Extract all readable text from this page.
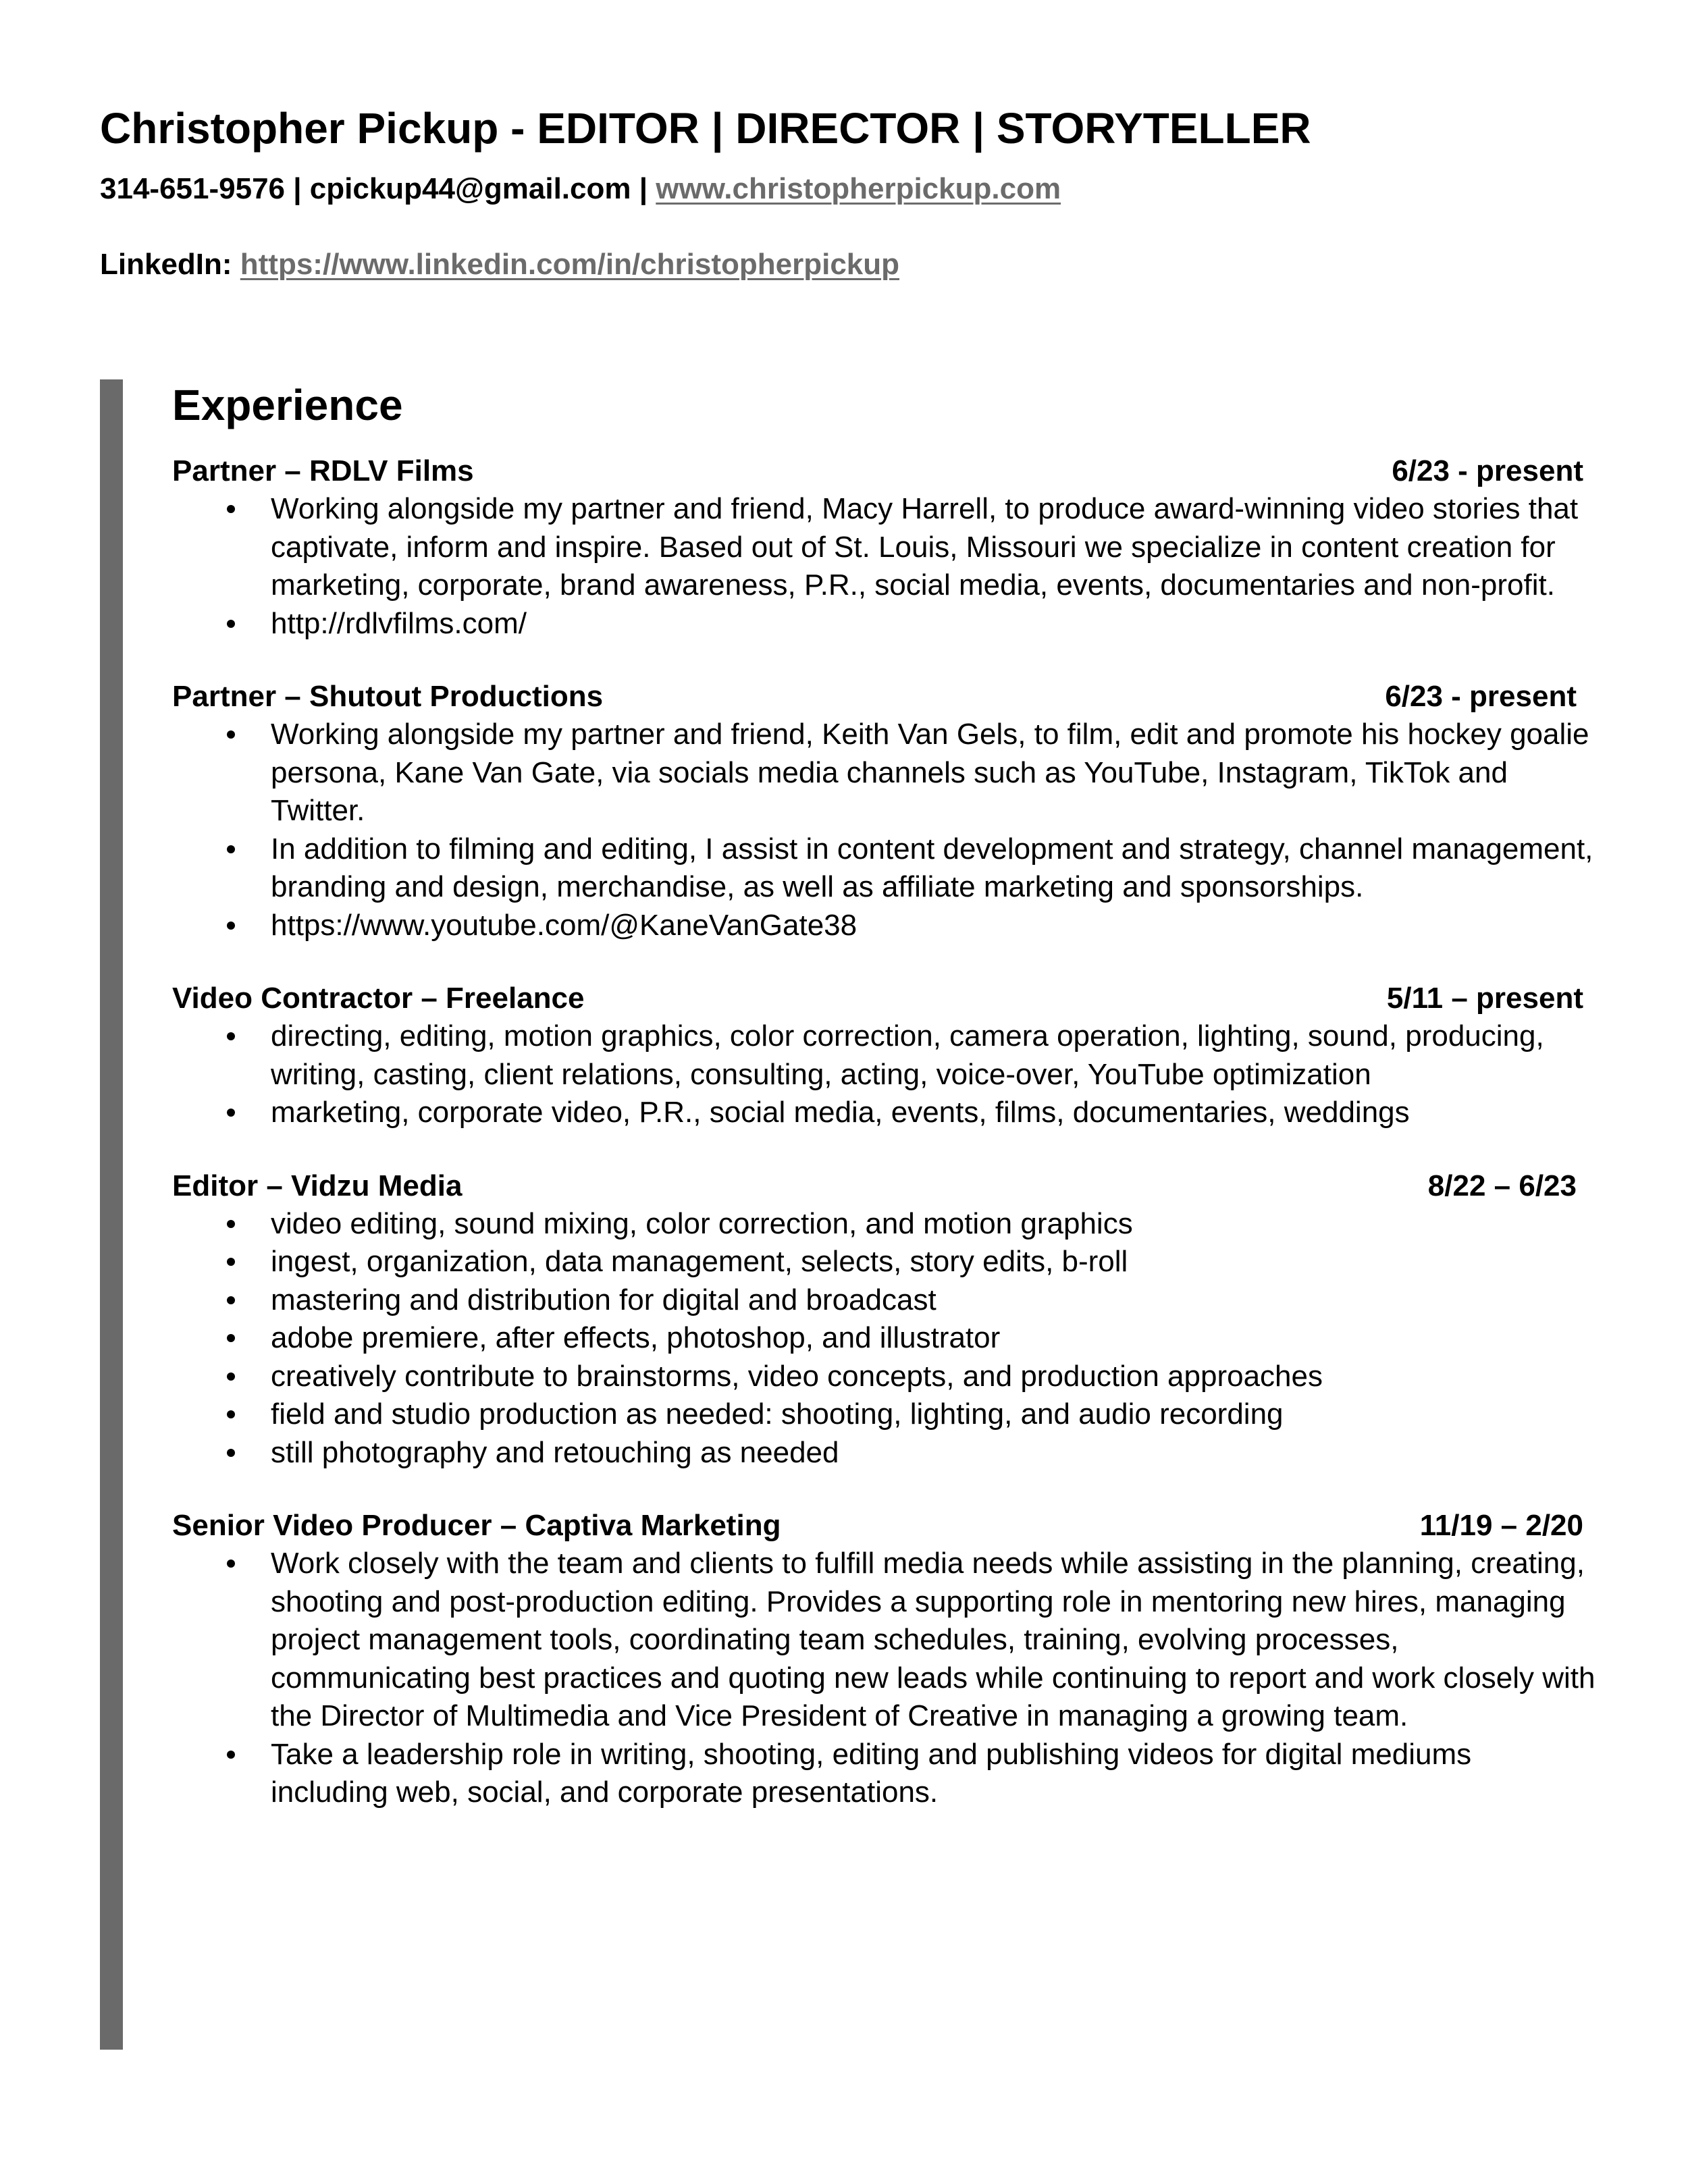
Christopher Pickup - EDITOR | DIRECTOR | STORYTELLER
314-651-9576 | cpickup44@gmail.com | www.christopherpickup.com
LinkedIn: https://www.linkedin.com/in/christopherpickup
Experience
Partner – RDLV Films	6/23 - present
Working alongside my partner and friend, Macy Harrell, to produce award-winning video stories that captivate, inform and inspire. Based out of St. Louis, Missouri we specialize in content creation for marketing, corporate, brand awareness, P.R., social media, events, documentaries and non-profit.
http://rdlvfilms.com/
Partner – Shutout Productions	6/23 - present
Working alongside my partner and friend, Keith Van Gels, to film, edit and promote his hockey goalie persona, Kane Van Gate, via socials media channels such as YouTube, Instagram, TikTok and Twitter.
In addition to filming and editing, I assist in content development and strategy, channel management, branding and design, merchandise, as well as affiliate marketing and sponsorships.
https://www.youtube.com/@KaneVanGate38
Video Contractor – Freelance	5/11 – present
directing, editing, motion graphics, color correction, camera operation, lighting, sound, producing, writing, casting, client relations, consulting, acting, voice-over, YouTube optimization
marketing, corporate video, P.R., social media, events, films, documentaries, weddings
Editor – Vidzu Media	8/22 – 6/23
video editing, sound mixing, color correction, and motion graphics
ingest, organization, data management, selects, story edits, b-roll
mastering and distribution for digital and broadcast
adobe premiere, after effects, photoshop, and illustrator
creatively contribute to brainstorms, video concepts, and production approaches
field and studio production as needed: shooting, lighting, and audio recording
still photography and retouching as needed
Senior Video Producer – Captiva Marketing	11/19 – 2/20
Work closely with the team and clients to fulfill media needs while assisting in the planning, creating, shooting and post-production editing. Provides a supporting role in mentoring new hires, managing project management tools, coordinating team schedules, training, evolving processes, communicating best practices and quoting new leads while continuing to report and work closely with the Director of Multimedia and Vice President of Creative in managing a growing team.
Take a leadership role in writing, shooting, editing and publishing videos for digital mediums including web, social, and corporate presentations.
